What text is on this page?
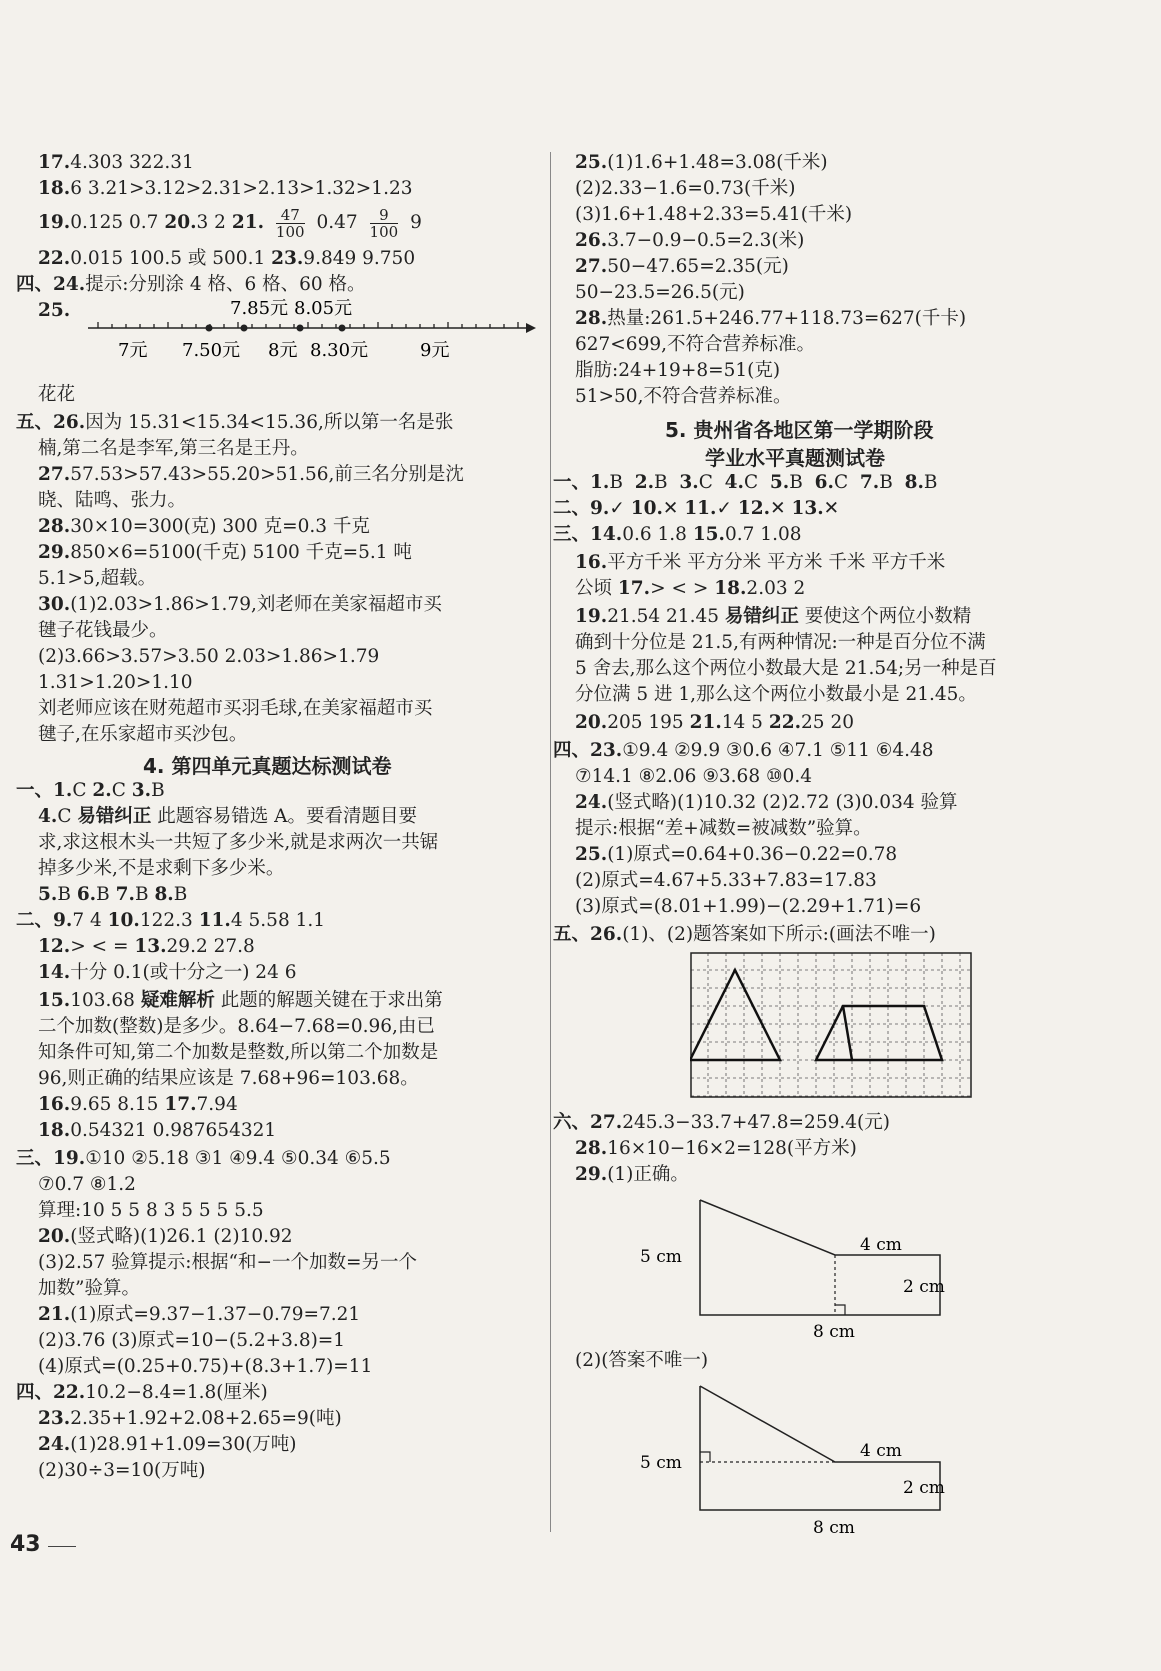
17.4.303 322.31
18.6 3.21>3.12>2.31>2.13>1.32>1.23
19.0.125 0.7 20.3 2 21. $\frac{47}{100} 0.47 \frac{9}{100} 9$
22.0.015 100.5 或 500.1 23.9.849 9.750
四、24.提示:分别涂 4 格、6 格、60 格。
25.	7.85元 8.05元
7元 7.50元 8元 8.30元	9元
花花
五、26.因为 15.31<15.34<15.36,所以第一名是张
楠,第二名是李军,第三名是王丹。
27.57.53>57.43>55.20>51.56,前三名分别是沈
晓、陆鸣、张力。
28.30×10=300(克) 300 克=0.3 千克
29.850×6=5100(千克) 5100 千克=5.1 吨
5.1>5,超载。
30.(1)2.03>1.86>1.79,刘老师在美家福超市买
毽子花钱最少。
(2)3.66>3.57>3.50 2.03>1.86>1.79
1.31>1.20>1.10
刘老师应该在财苑超市买羽毛球,在美家福超市买
毽子,在乐家超市买沙包。
4. 第四单元真题达标测试卷
一、1.C 2.C 3.B
4.C 易错纠正 此题容易错选 A。要看清题目要
求,求这根木头一共短了多少米,就是求两次一共锯
掉多少米,不是求剩下多少米。
5.B 6.B 7.B 8.B
二、9.7 4 10.122.3 11.4 5.58 1.1
12.> < = 13.29.2 27.8
14.十分 0.1(或十分之一) 24 6
15.103.68 疑难解析 此题的解题关键在于求出第
二个加数(整数)是多少。8.64−7.68=0.96,由已
知条件可知,第二个加数是整数,所以第二个加数是
96,则正确的结果应该是 7.68+96=103.68。
16.9.65 8.15 17.7.94
18.0.54321 0.987654321
三、19.①10 ②5.18 ③1 ④9.4 ⑤0.34 ⑥5.5
⑦0.7 ⑧1.2
算理:10 5 5 8 3 5 5 5 5.5
20.(竖式略)(1)26.1 (2)10.92
(3)2.57 验算提示:根据“和−一个加数=另一个
加数”验算。
21.(1)原式=9.37−1.37−0.79=7.21
(2)3.76 (3)原式=10−(5.2+3.8)=1
(4)原式=(0.25+0.75)+(8.3+1.7)=11
四、22.10.2−8.4=1.8(厘米)
23.2.35+1.92+2.08+2.65=9(吨)
24.(1)28.91+1.09=30(万吨)
(2)30÷3=10(万吨)
25.(1)1.6+1.48=3.08(千米)
(2)2.33−1.6=0.73(千米)
(3)1.6+1.48+2.33=5.41(千米)
26.3.7−0.9−0.5=2.3(米)
27.50−47.65=2.35(元)
50−23.5=26.5(元)
28.热量:261.5+246.77+118.73=627(千卡)
627<699,不符合营养标准。
脂肪:24+19+8=51(克)
51>50,不符合营养标准。
5. 贵州省各地区第一学期阶段
学业水平真题测试卷
一、1.B 2.B 3.C 4.C 5.B 6.C 7.B 8.B
二、9.✓ 10.✕ 11.✓ 12.✕ 13.✕
三、14.0.6 1.8 15.0.7 1.08
16.平方千米 平方分米 平方米 千米 平方千米
公顷 17.> < > 18.2.03 2
19.21.54 21.45 易错纠正 要使这个两位小数精
确到十分位是 21.5,有两种情况:一种是百分位不满
5 舍去,那么这个两位小数最大是 21.54;另一种是百
分位满 5 进 1,那么这个两位小数最小是 21.45。
20.205 195 21.14 5 22.25 20
四、23.①9.4 ②9.9 ③0.6 ④7.1 ⑤11 ⑥4.48
⑦14.1 ⑧2.06 ⑨3.68 ⑩0.4
24.(竖式略)(1)10.32 (2)2.72 (3)0.034 验算
提示:根据“差+减数=被减数”验算。
25.(1)原式=0.64+0.36−0.22=0.78
(2)原式=4.67+5.33+7.83=17.83
(3)原式=(8.01+1.99)−(2.29+1.71)=6
五、26.(1)、(2)题答案如下所示:(画法不唯一)
六、27.245.3−33.7+47.8=259.4(元)
28.16×10−16×2=128(平方米)
29.(1)正确。
4 cm
5 cm
2 cm
8 cm
(2)(答案不唯一)
4 cm
5 cm
2 cm
8 cm
43
